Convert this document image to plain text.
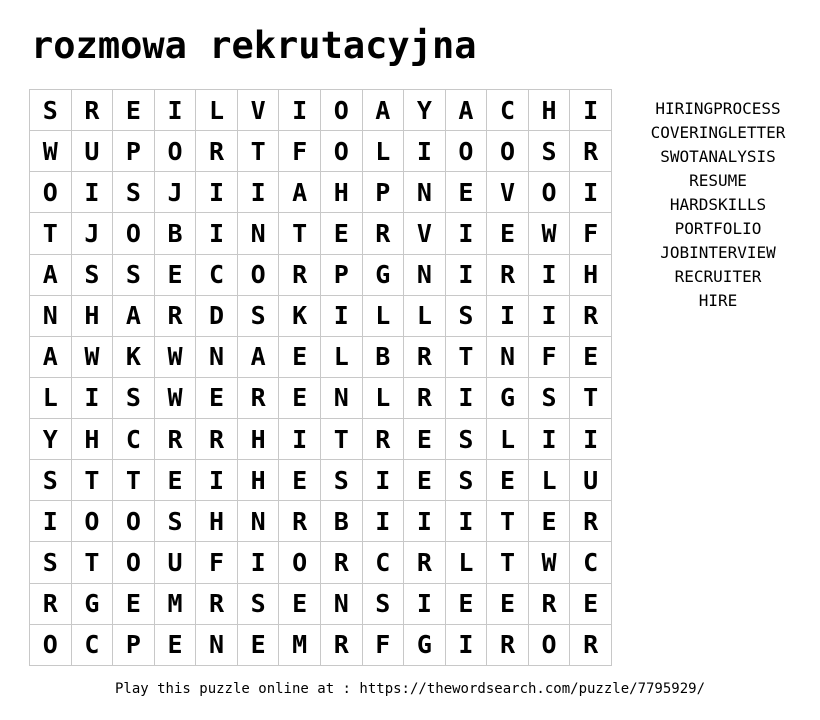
rozmowa rekrutacyjna
S	R	E	I	L	V	I	O	A	Y	A	C	H	I
W	U	P	O	R	T	F	O	L	I	O	O	S	R
O	I	S	J	I	I	A	H	P	N	E	V	O	I
T	J	O	B	I	N	T	E	R	V	I	E	W	F
A	S	S	E	C	O	R	P	G	N	I	R	I	H
N	H	A	R	D	S	K	I	L	L	S	I	I	R
A	W	K	W	N	A	E	L	B	R	T	N	F	E
L	I	S	W	E	R	E	N	L	R	I	G	S	T
Y	H	C	R	R	H	I	T	R	E	S	L	I	I
S	T	T	E	I	H	E	S	I	E	S	E	L	U
I	O	O	S	H	N	R	B	I	I	I	T	E	R
S	T	O	U	F	I	O	R	C	R	L	T	W	C
R	G	E	M	R	S	E	N	S	I	E	E	R	E
O	C	P	E	N	E	M	R	F	G	I	R	O	R
HIRINGPROCESS
COVERINGLETTER
SWOTANALYSIS
RESUME
HARDSKILLS
PORTFOLIO
JOBINTERVIEW
RECRUITER
HIRE
Play this puzzle online at : https://thewordsearch.com/puzzle/7795929/
